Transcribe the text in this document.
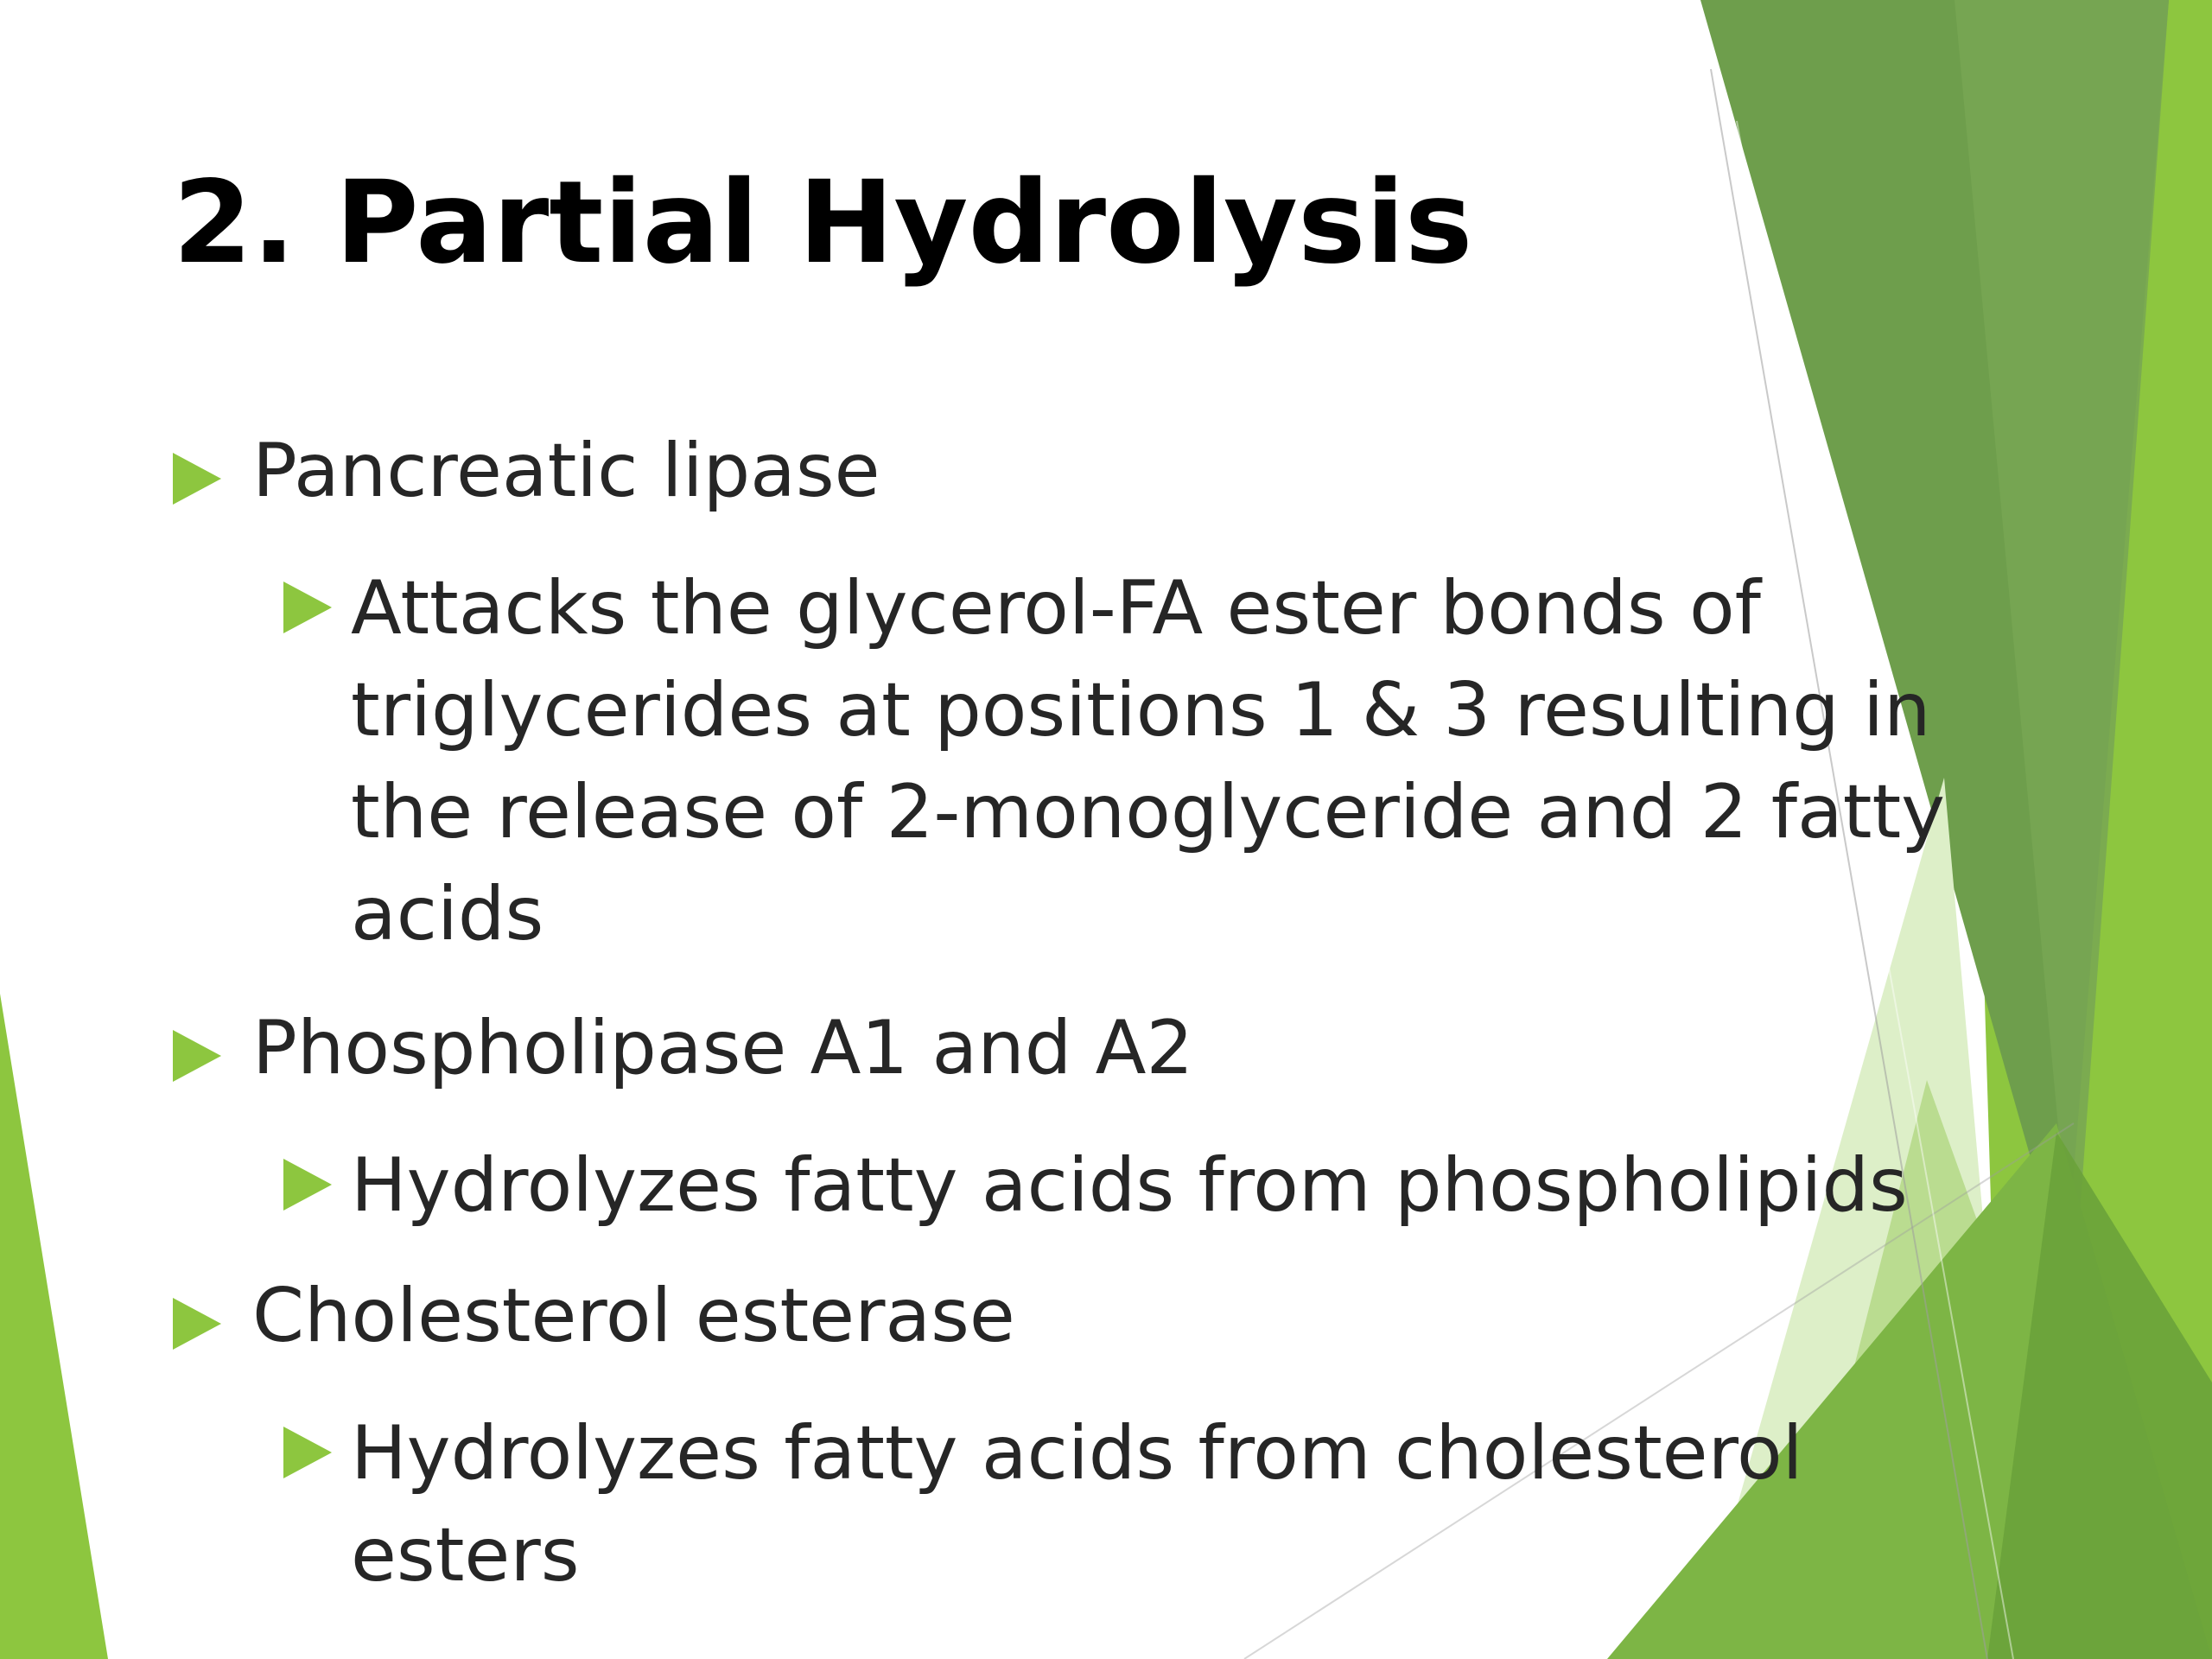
2. Partial Hydrolysis
Pancreatic lipase
Attacks the glycerol-FA ester bonds of
triglycerides at positions 1 & 3 resulting in
the release of 2-monoglyceride and 2 fatty
acids
Phospholipase A1 and A2
Hydrolyzes fatty acids from phospholipids
Cholesterol esterase
Hydrolyzes fatty acids from cholesterol
esters
